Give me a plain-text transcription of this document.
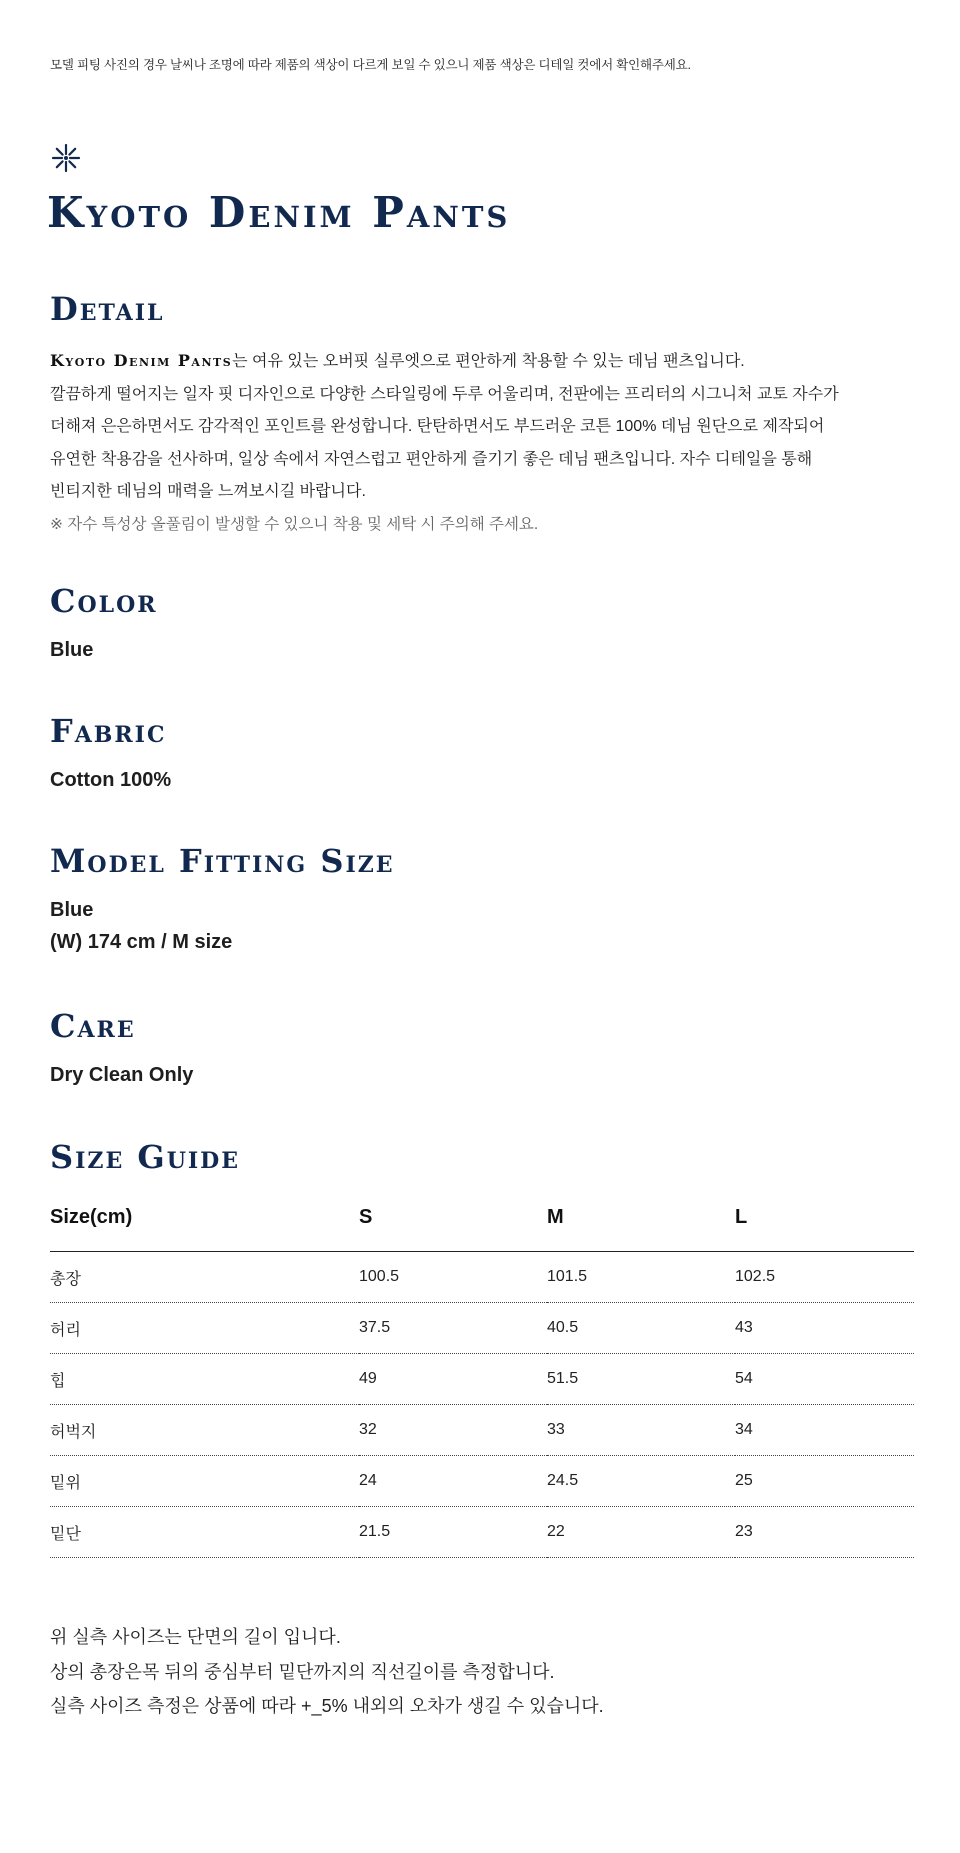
모델 피팅 사진의 경우 날씨나 조명에 따라 제품의 색상이 다르게 보일 수 있으니 제품 색상은 디테일 컷에서 확인해주세요.
Kyoto Denim Pants
Detail
Kyoto Denim Pants는 여유 있는 오버핏 실루엣으로 편안하게 착용할 수 있는 데님 팬츠입니다.
깔끔하게 떨어지는 일자 핏 디자인으로 다양한 스타일링에 두루 어울리며, 전판에는 프리터의 시그니처 교토 자수가
더해져 은은하면서도 감각적인 포인트를 완성합니다. 탄탄하면서도 부드러운 코튼 100% 데님 원단으로 제작되어
유연한 착용감을 선사하며, 일상 속에서 자연스럽고 편안하게 즐기기 좋은 데님 팬츠입니다. 자수 디테일을 통해
빈티지한 데님의 매력을 느껴보시길 바랍니다.
※ 자수 특성상 올풀림이 발생할 수 있으니 착용 및 세탁 시 주의해 주세요.
Color
Blue
Fabric
Cotton 100%
Model Fitting Size
Blue
(W) 174 cm / M size
Care
Dry Clean Only
Size Guide
Size(cm)	S	M	L
총장	100.5	101.5	102.5
허리	37.5	40.5	43
힙	49	51.5	54
허벅지	32	33	34
밑위	24	24.5	25
밑단	21.5	22	23
위 실측 사이즈는 단면의 길이 입니다.
상의 총장은목 뒤의 중심부터 밑단까지의 직선길이를 측정합니다.
실측 사이즈 측정은 상품에 따라 +_5% 내외의 오차가 생길 수 있습니다.
